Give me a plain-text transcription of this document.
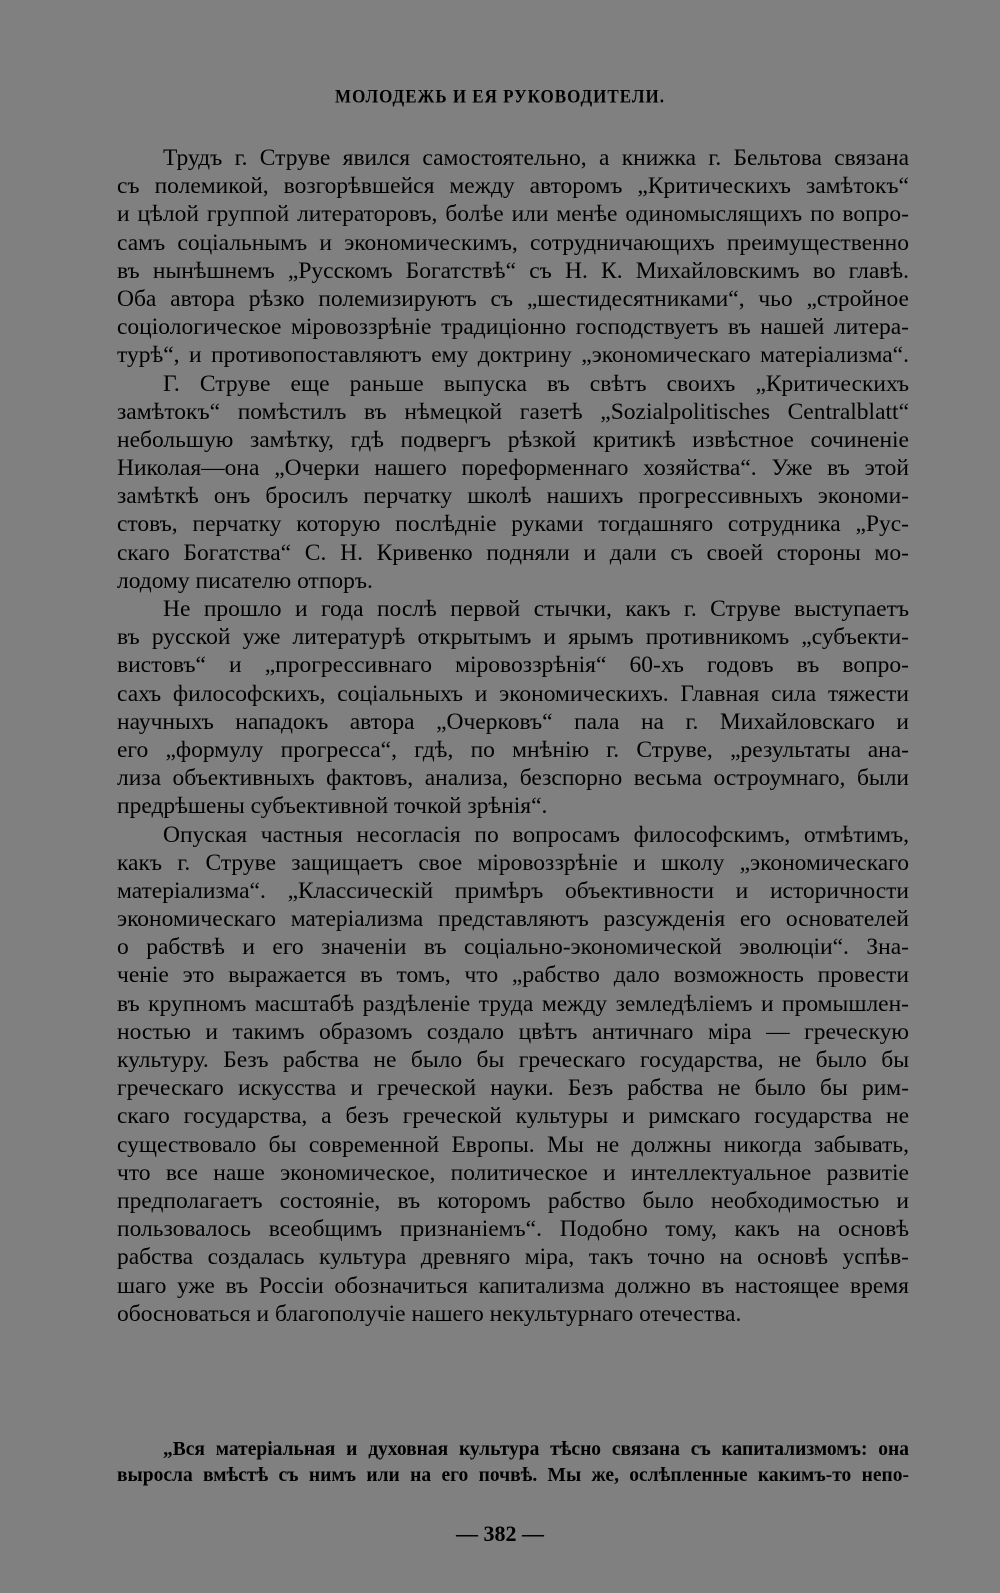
МОЛОДЕЖЬ И ЕЯ РУКОВОДИТЕЛИ.
Трудъ г. Струве явился самостоятельно, а книжка г. Бельтова связана
съ полемикой, возгорѣвшейся между авторомъ „Критическихъ замѣтокъ“
и цѣлой группой литераторовъ, болѣе или менѣе одиномыслящихъ по вопро-
самъ соціальнымъ и экономическимъ, сотрудничающихъ преимущественно
въ нынѣшнемъ „Русскомъ Богатствѣ“ съ Н. К. Михайловскимъ во главѣ.
Оба автора рѣзко полемизируютъ съ „шестидесятниками“, чьо „стройное
соціологическое міровоззрѣніе традиціонно господствуетъ въ нашей литера-
турѣ“, и противопоставляютъ ему доктрину „экономическаго матеріализма“.
Г. Струве еще раньше выпуска въ свѣтъ своихъ „Критическихъ
замѣтокъ“ помѣстилъ въ нѣмецкой газетѣ „Sozialpolitisches Centralblatt“
небольшую замѣтку, гдѣ подвергъ рѣзкой критикѣ извѣстное сочиненіе
Николая—она „Очерки нашего пореформеннаго хозяйства“. Уже въ этой
замѣткѣ онъ бросилъ перчатку школѣ нашихъ прогрессивныхъ экономи-
стовъ, перчатку которую послѣдніе руками тогдашняго сотрудника „Рус-
скаго Богатства“ С. Н. Кривенко подняли и дали съ своей стороны мо-
лодому писателю отпоръ.
Не прошло и года послѣ первой стычки, какъ г. Струве выступаетъ
въ русской уже литературѣ открытымъ и ярымъ противникомъ „субъекти-
вистовъ“ и „прогрессивнаго міровоззрѣнія“ 60-хъ годовъ въ вопро-
сахъ философскихъ, соціальныхъ и экономическихъ. Главная сила тяжести
научныхъ нападокъ автора „Очерковъ“ пала на г. Михайловскаго и
его „формулу прогресса“, гдѣ, по мнѣнію г. Струве, „результаты ана-
лиза объективныхъ фактовъ, анализа, безспорно весьма остроумнаго, были
предрѣшены субъективной точкой зрѣнія“.
Опуская частныя несогласія по вопросамъ философскимъ, отмѣтимъ,
какъ г. Струве защищаетъ свое міровоззрѣніе и школу „экономическаго
матеріализма“. „Классическій примѣръ объективности и историчности
экономическаго матеріализма представляютъ разсужденія его основателей
о рабствѣ и его значеніи въ соціально-экономической эволюціи“. Зна-
ченіе это выражается въ томъ, что „рабство дало возможность провести
въ крупномъ масштабѣ раздѣленіе труда между земледѣліемъ и промышлен-
ностью и такимъ образомъ создало цвѣтъ античнаго міра — греческую
культуру. Безъ рабства не было бы греческаго государства, не было бы
греческаго искусства и греческой науки. Безъ рабства не было бы рим-
скаго государства, а безъ греческой культуры и римскаго государства не
существовало бы современной Европы. Мы не должны никогда забывать,
что все наше экономическое, политическое и интеллектуальное развитіе
предполагаетъ состояніе, въ которомъ рабство было необходимостью и
пользовалось всеобщимъ признаніемъ“. Подобно тому, какъ на основѣ
рабства создалась культура древняго міра, такъ точно на основѣ успѣв-
шаго уже въ Россіи обозначиться капитализма должно въ настоящее время
обосноваться и благополучіе нашего некультурнаго отечества.
„Вся матеріальная и духовная культура тѣсно связана съ капитализмомъ: она
выросла вмѣстѣ съ нимъ или на его почвѣ. Мы же, ослѣпленные какимъ-то непо-
— 382 —
